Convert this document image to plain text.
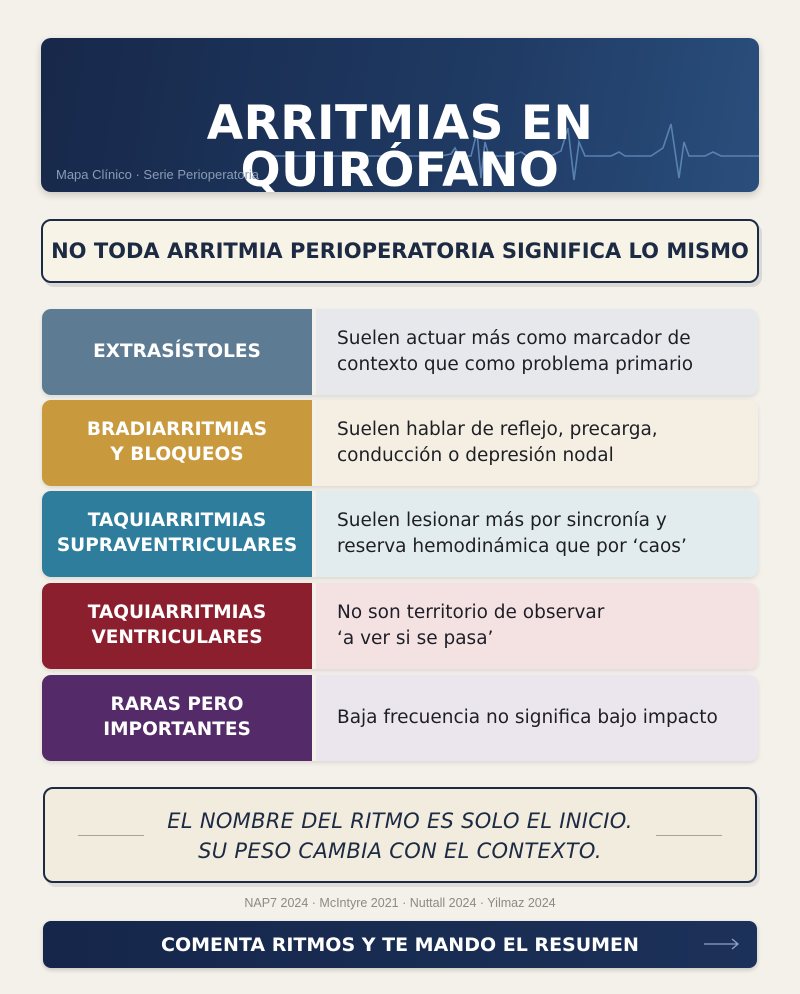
ARRITMIAS EN QUIRÓFANO
Mapa Clínico · Serie Perioperatoria
NO TODA ARRITMIA PERIOPERATORIA SIGNIFICA LO MISMO
EXTRASÍSTOLES
Suelen actuar más como marcador de
contexto que como problema primario
BRADIARRITMIAS
Y BLOQUEOS
Suelen hablar de reflejo, precarga,
conducción o depresión nodal
TAQUIARRITMIAS
SUPRAVENTRICULARES
Suelen lesionar más por sincronía y
reserva hemodinámica que por ‘caos’
TAQUIARRITMIAS
VENTRICULARES
No son territorio de observar
‘a ver si se pasa’
RARAS PERO
IMPORTANTES
Baja frecuencia no significa bajo impacto
EL NOMBRE DEL RITMO ES SOLO EL INICIO.
SU PESO CAMBIA CON EL CONTEXTO.
NAP7 2024 · McIntyre 2021 · Nuttall 2024 · Yilmaz 2024
COMENTA RITMOS Y TE MANDO EL RESUMEN
